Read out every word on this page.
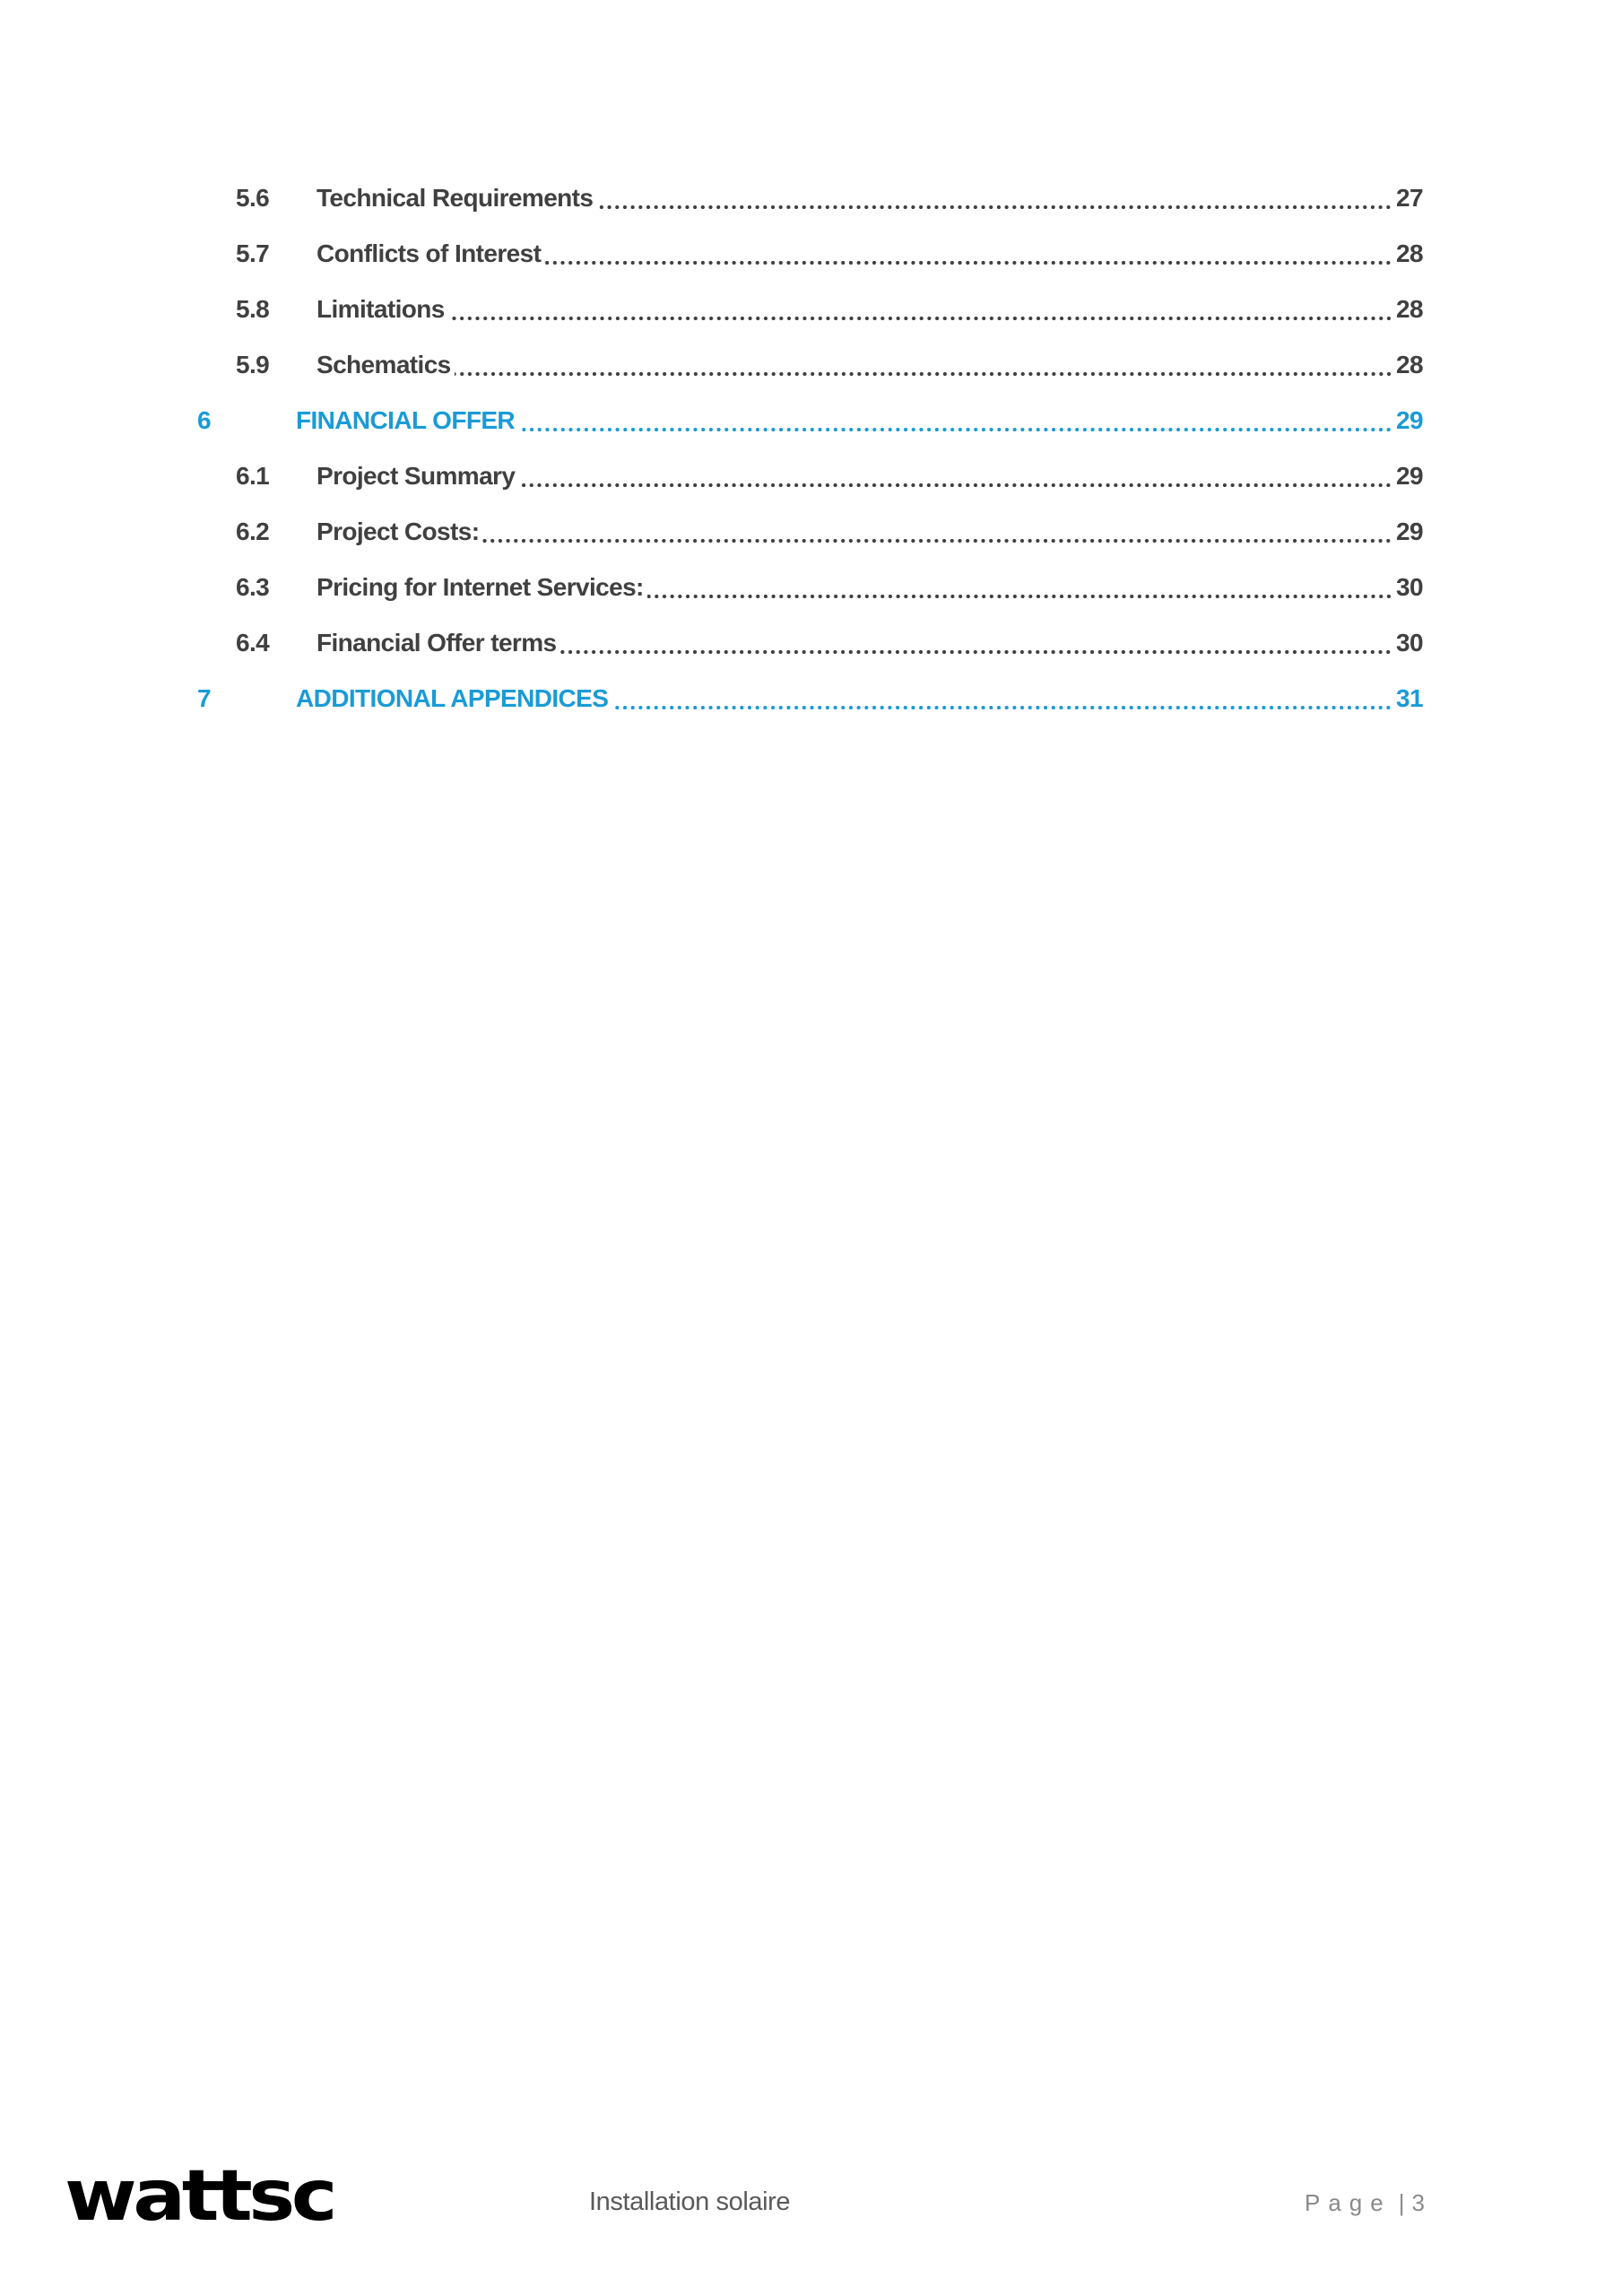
5.6 Technical Requirements	27
5.7 Conflicts of Interest	28
5.8 Limitations	28
5.9 Schematics	28
6	FINANCIAL OFFER	29
6.1 Project Summary	29
6.2 Project Costs:	29
6.3 Pricing for Internet Services:	30
6.4 Financial Offer terms	30
7	ADDITIONAL APPENDICES	31
wattsc	Installation solaire	Page | 3
